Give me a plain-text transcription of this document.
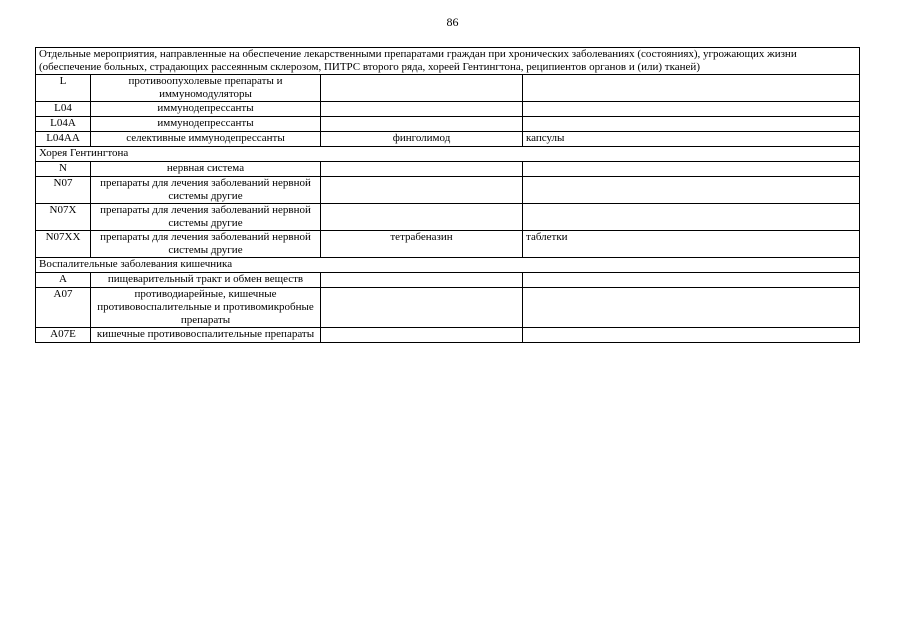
86
Отдельные мероприятия, направленные на обеспечение лекарственными препаратами граждан при хронических заболеваниях (состояниях), угрожающих жизни (обеспечение больных, страдающих рассеянным склерозом, ПИТРС второго ряда, хореей Гентингтона, реципиентов органов и (или) тканей)			
L	противоопухолевые препараты и иммуномодуляторы		
L04	иммунодепрессанты		
L04A	иммунодепрессанты		
L04AA	селективные иммунодепрессанты	финголимод	капсулы
Хорея Гентингтона			
N	нервная система		
N07	препараты для лечения заболеваний нервной системы другие		
N07X	препараты для лечения заболеваний нервной системы другие		
N07XX	препараты для лечения заболеваний нервной системы другие	тетрабеназин	таблетки
Воспалительные заболевания кишечника			
A	пищеварительный тракт и обмен веществ		
A07	противодиарейные, кишечные противовоспалительные и противомикробные препараты		
A07E	кишечные противовоспалительные препараты		
